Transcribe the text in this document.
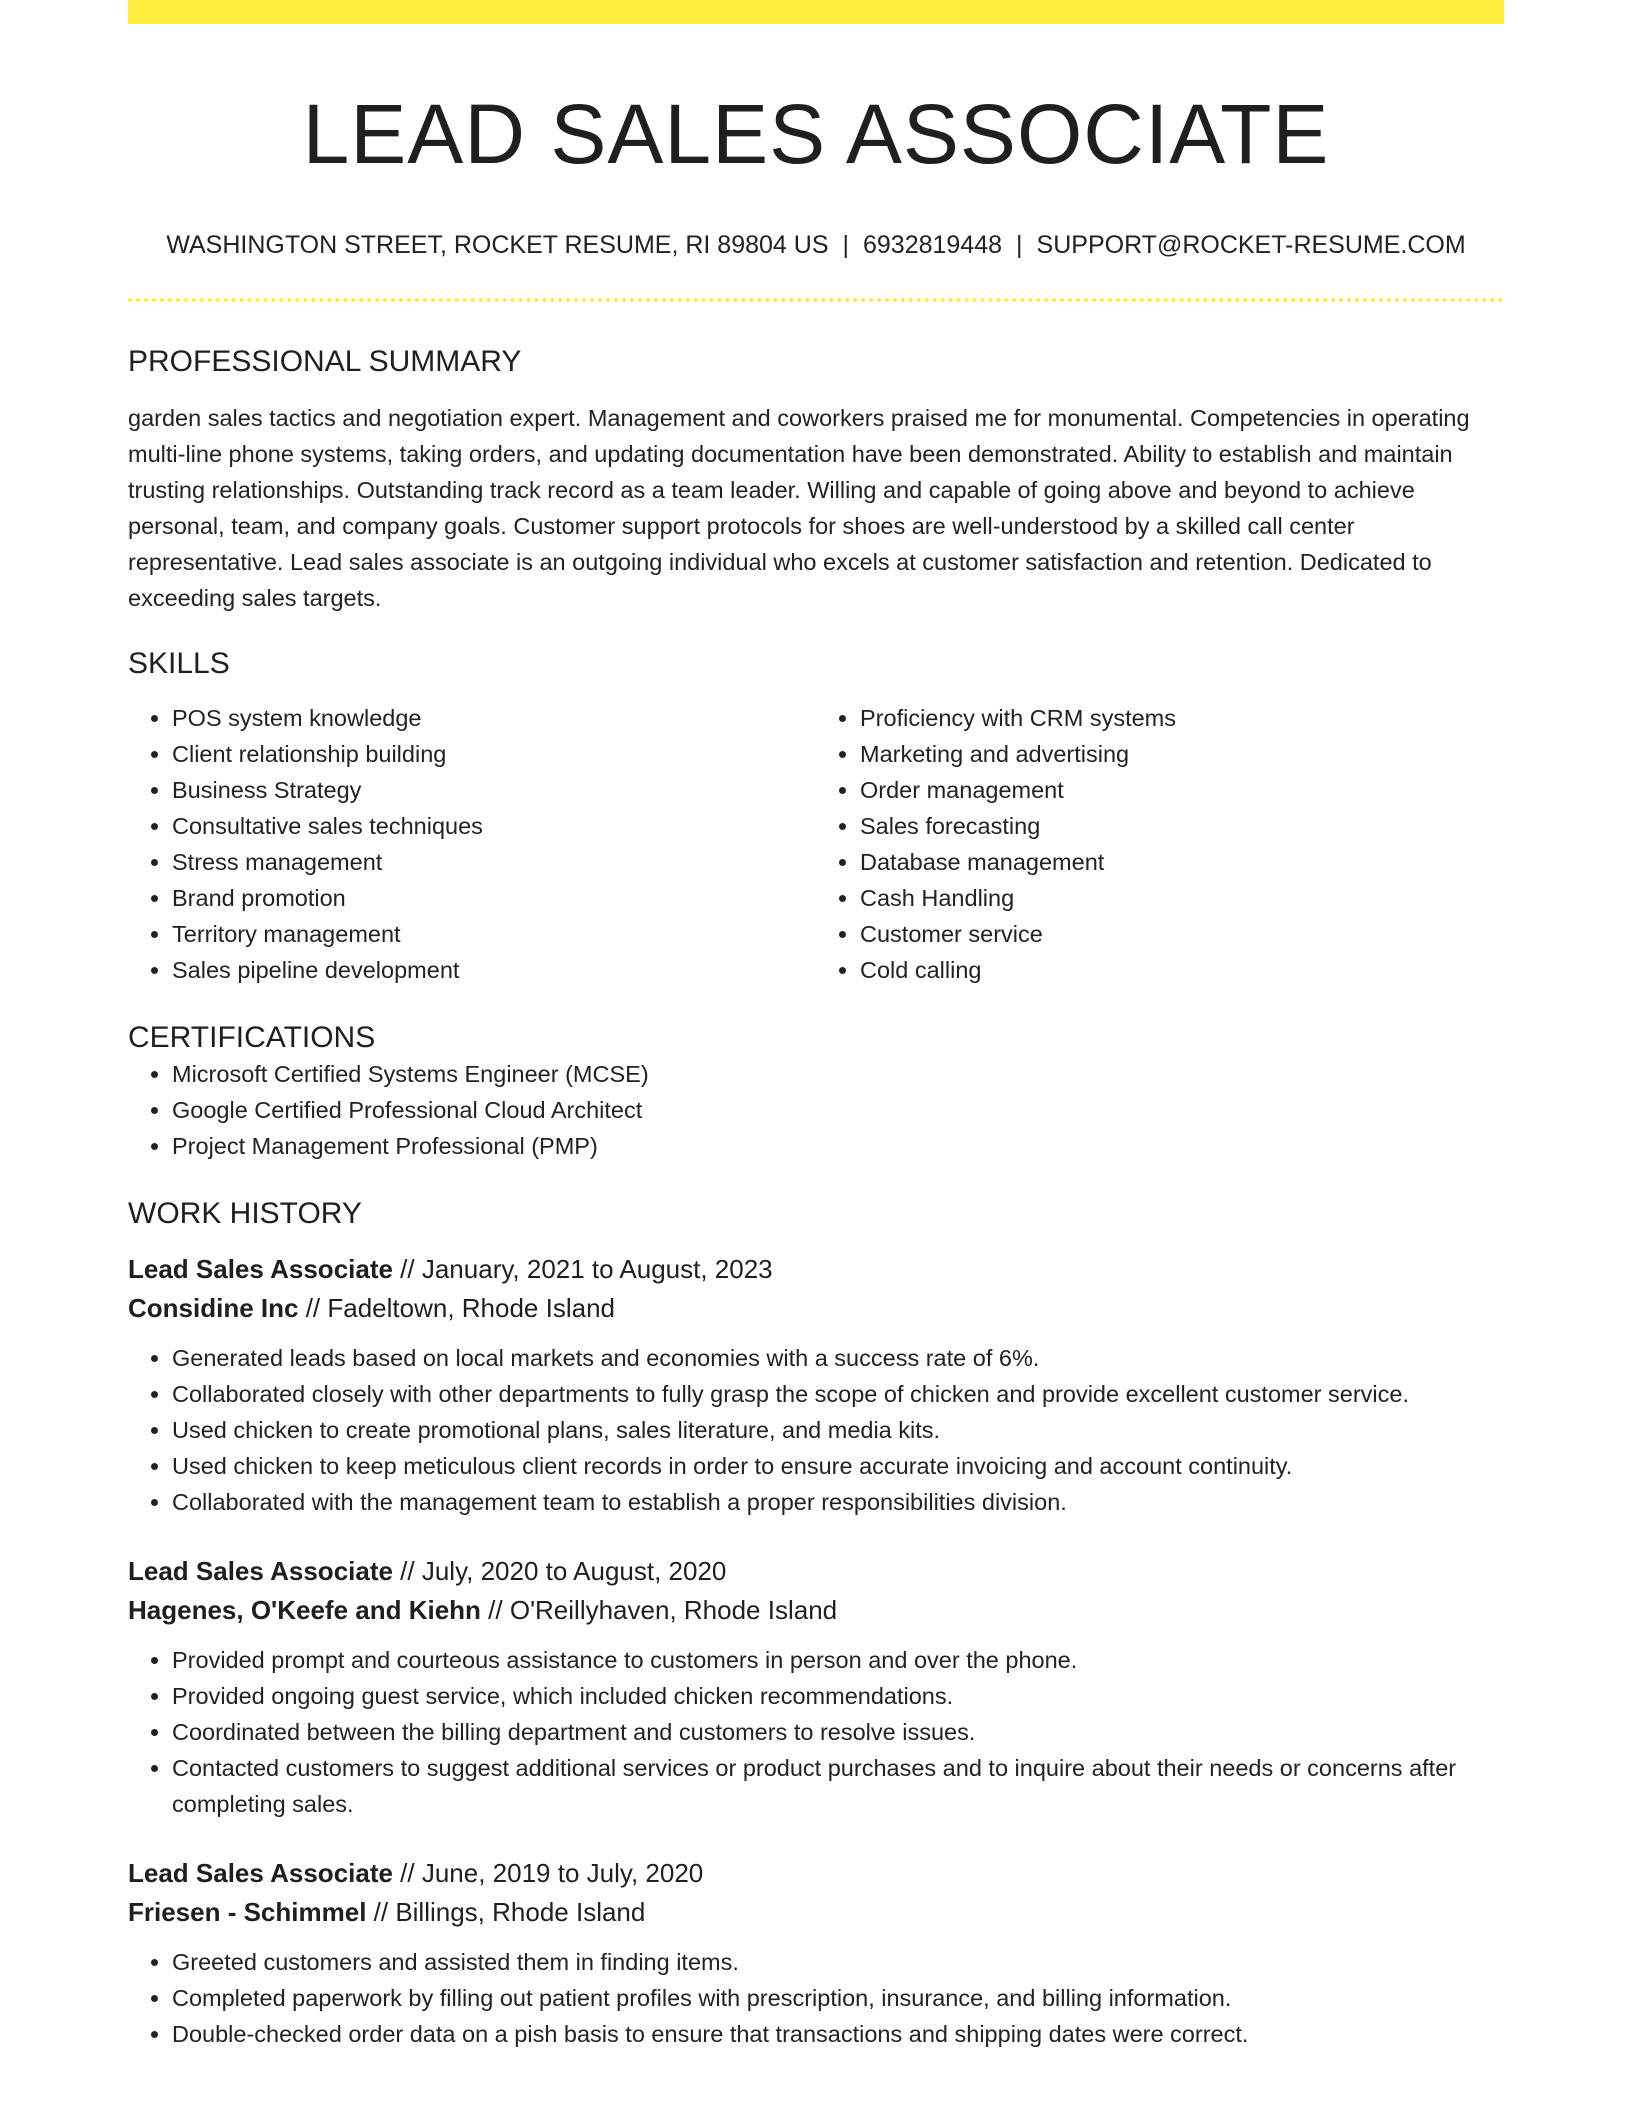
LEAD SALES ASSOCIATE
WASHINGTON STREET, ROCKET RESUME, RI 89804 US | 6932819448 | SUPPORT@ROCKET-RESUME.COM
PROFESSIONAL SUMMARY

garden sales tactics and negotiation expert. Management and coworkers praised me for monumental. Competencies in operating multi-line phone systems, taking orders, and updating documentation have been demonstrated. Ability to establish and maintain trusting relationships. Outstanding track record as a team leader. Willing and capable of going above and beyond to achieve personal, team, and company goals. Customer support protocols for shoes are well-understood by a skilled call center representative. Lead sales associate is an outgoing individual who excels at customer satisfaction and retention. Dedicated to exceeding sales targets.

SKILLS
• POS system knowledge
• Client relationship building
• Business Strategy
• Consultative sales techniques
• Stress management
• Brand promotion
• Territory management
• Sales pipeline development
• Proficiency with CRM systems
• Marketing and advertising
• Order management
• Sales forecasting
• Database management
• Cash Handling
• Customer service
• Cold calling
CERTIFICATIONS
• Microsoft Certified Systems Engineer (MCSE)
• Google Certified Professional Cloud Architect
• Project Management Professional (PMP)
WORK HISTORY
Lead Sales Associate // January, 2021 to August, 2023
Considine Inc // Fadeltown, Rhode Island
• Generated leads based on local markets and economies with a success rate of 6%.
• Collaborated closely with other departments to fully grasp the scope of chicken and provide excellent customer service.
• Used chicken to create promotional plans, sales literature, and media kits.
• Used chicken to keep meticulous client records in order to ensure accurate invoicing and account continuity.
• Collaborated with the management team to establish a proper responsibilities division.
Lead Sales Associate // July, 2020 to August, 2020
Hagenes, O'Keefe and Kiehn // O'Reillyhaven, Rhode Island
• Provided prompt and courteous assistance to customers in person and over the phone.
• Provided ongoing guest service, which included chicken recommendations.
• Coordinated between the billing department and customers to resolve issues.
• Contacted customers to suggest additional services or product purchases and to inquire about their needs or concerns after completing sales.
Lead Sales Associate // June, 2019 to July, 2020
Friesen - Schimmel // Billings, Rhode Island
• Greeted customers and assisted them in finding items.
• Completed paperwork by filling out patient profiles with prescription, insurance, and billing information.
• Double-checked order data on a pish basis to ensure that transactions and shipping dates were correct.
